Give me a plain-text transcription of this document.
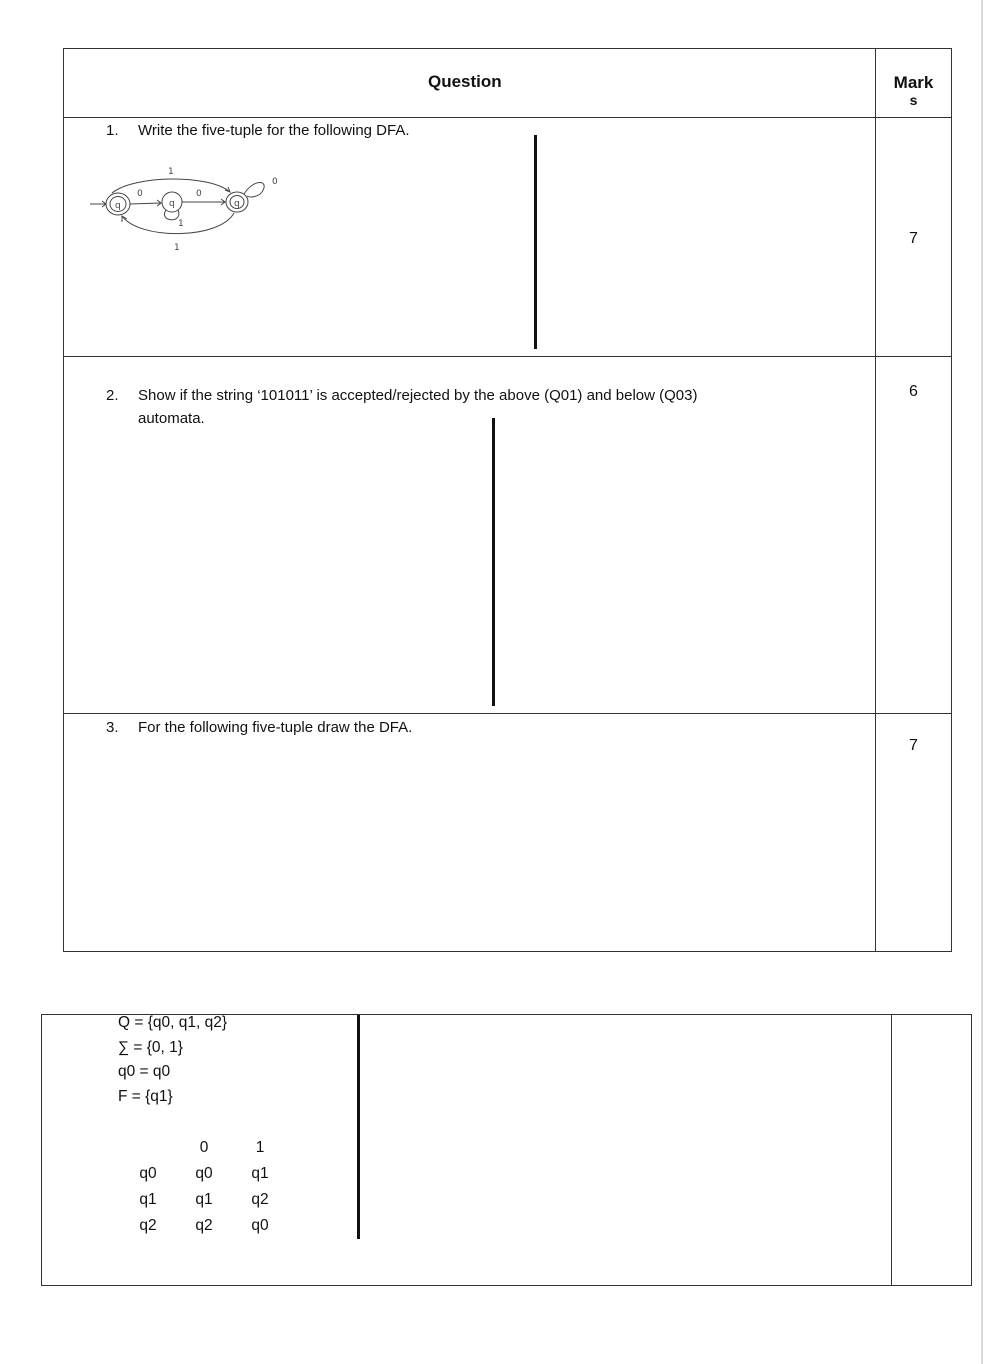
Question	Mark
s
1. Write the five-tuple for the following DFA.
7
q	q	q
1
0	0
0
1
1
2. Show if the string ‘101011’ is accepted/rejected by the above (Q01) and below (Q03)
automata.
6
3. For the following five-tuple draw the DFA.
7
Q = {q0, q1, q2}
∑ = {0, 1}
q0 = q0
F = {q1}
		0		1
q0		q0		q1
q1		q1		q2
q2		q2		q0
